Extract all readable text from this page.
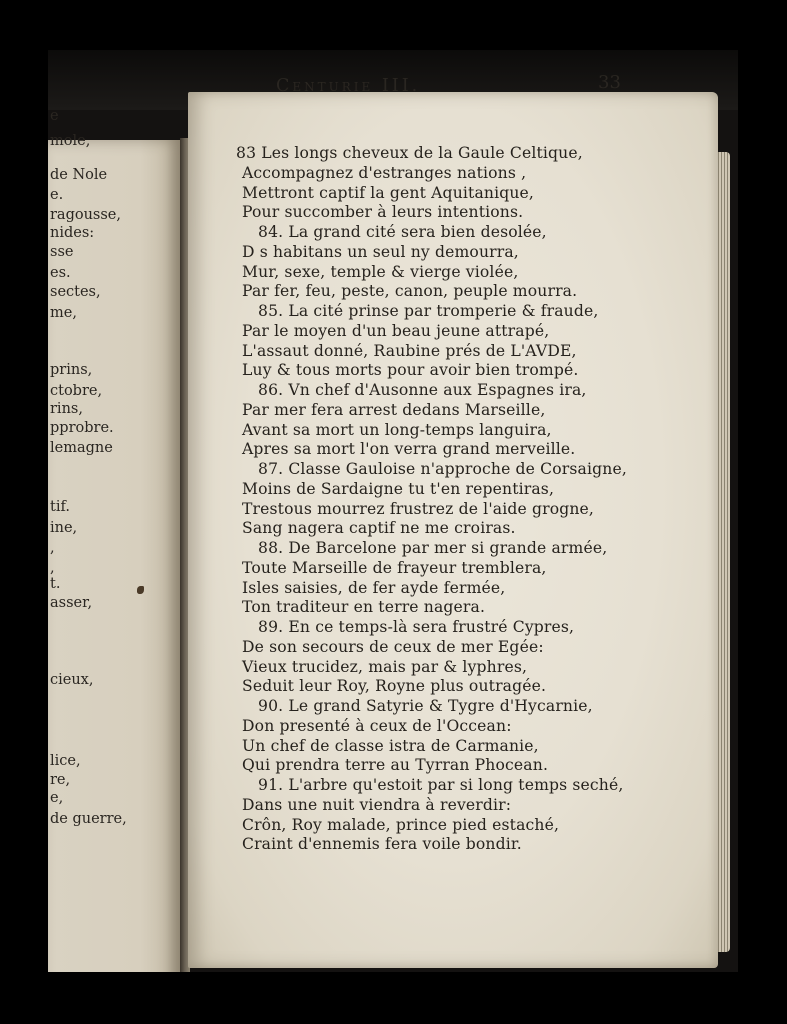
e
mole,
de Nole
e.
ragousse,
nides:
sse
es.
sectes,
me,
prins,
ctobre,
rins,
pprobre.
lemagne
tif.
ine,
,
,
t.
asser,
cieux,
lice,
re,
e,
de guerre,
Centurie III.	33
83 Les longs cheveux de la Gaule Celtique,
Accompagnez d'estranges nations ,
Mettront captif la gent Aquitanique,
Pour succomber à leurs intentions.
84. La grand cité sera bien desolée,
D s habitans un seul ny demourra,
Mur, sexe, temple & vierge violée,
Par fer, feu, peste, canon, peuple mourra.
85. La cité prinse par tromperie & fraude,
Par le moyen d'un beau jeune attrapé,
L'assaut donné, Raubine prés de L'AVDE,
Luy & tous morts pour avoir bien trompé.
86. Vn chef d'Ausonne aux Espagnes ira,
Par mer fera arrest dedans Marseille,
Avant sa mort un long-temps languira,
Apres sa mort l'on verra grand merveille.
87. Classe Gauloise n'approche de Corsaigne,
Moins de Sardaigne tu t'en repentiras,
Trestous mourrez frustrez de l'aide grogne,
Sang nagera captif ne me croiras.
88. De Barcelone par mer si grande armée,
Toute Marseille de frayeur tremblera,
Isles saisies, de fer ayde fermée,
Ton traditeur en terre nagera.
89. En ce temps-là sera frustré Cypres,
De son secours de ceux de mer Egée:
Vieux trucidez, mais par & lyphres,
Seduit leur Roy, Royne plus outragée.
90. Le grand Satyrie & Tygre d'Hycarnie,
Don presenté à ceux de l'Occean:
Un chef de classe istra de Carmanie,
Qui prendra terre au Tyrran Phocean.
91. L'arbre qu'estoit par si long temps seché,
Dans une nuit viendra à reverdir:
Crôn, Roy malade, prince pied estaché,
Craint d'ennemis fera voile bondir.
